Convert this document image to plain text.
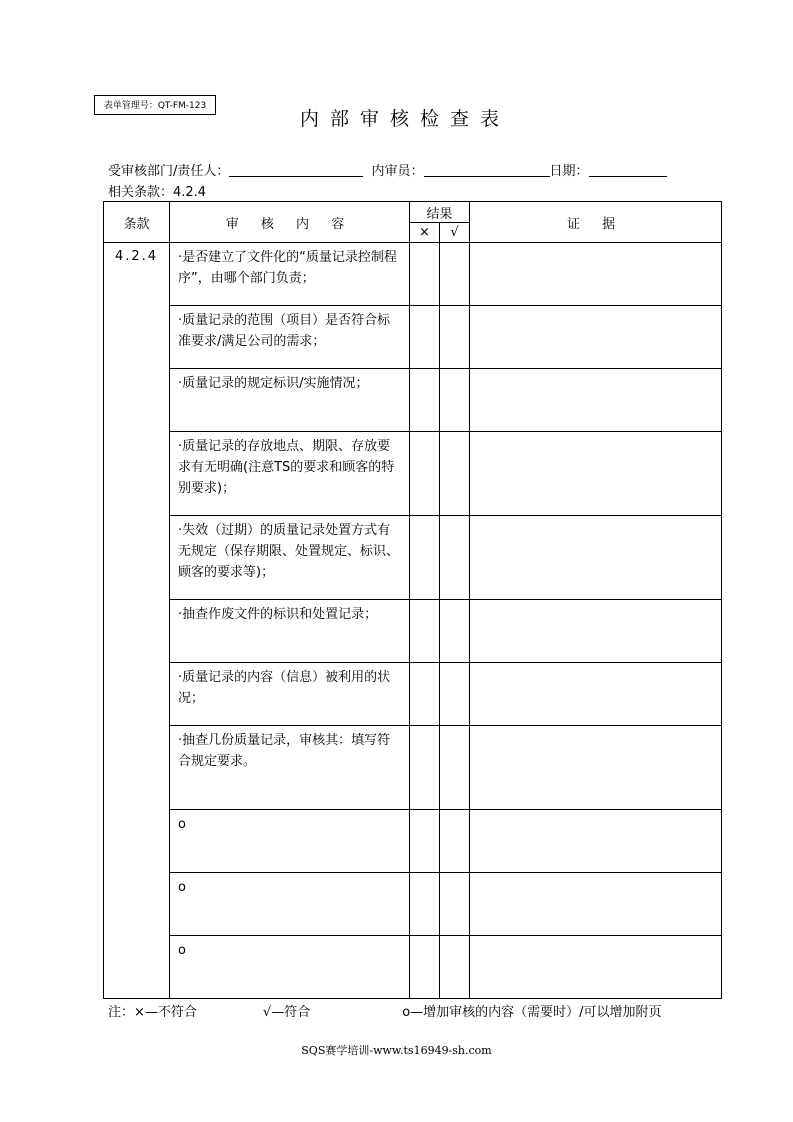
表单管理号：QT-FM-123
内部审核检查表
受审核部门/责任人：	内审员：	日期：
相关条款：4.2.4
条款	审 核 内 容	结果		证 据
		×	√	
4.2.4	·是否建立了文件化的“质量记录控制程序”，由哪个部门负责；			
	·质量记录的范围（项目）是否符合标准要求/满足公司的需求；			
	·质量记录的规定标识/实施情况；			
	·质量记录的存放地点、期限、存放要求有无明确(注意TS的要求和顾客的特别要求)；			
	·失效（过期）的质量记录处置方式有无规定（保存期限、处置规定、标识、顾客的要求等)；			
	·抽查作废文件的标识和处置记录；			
	·质量记录的内容（信息）被利用的状况；			
	·抽查几份质量记录，审核其：填写符合规定要求。			
	o			
	o			
	o			
注：×—不符合	√—符合	o—增加审核的内容（需要时）/可以增加附页
SQS赛学培训-www.ts16949-sh.com
